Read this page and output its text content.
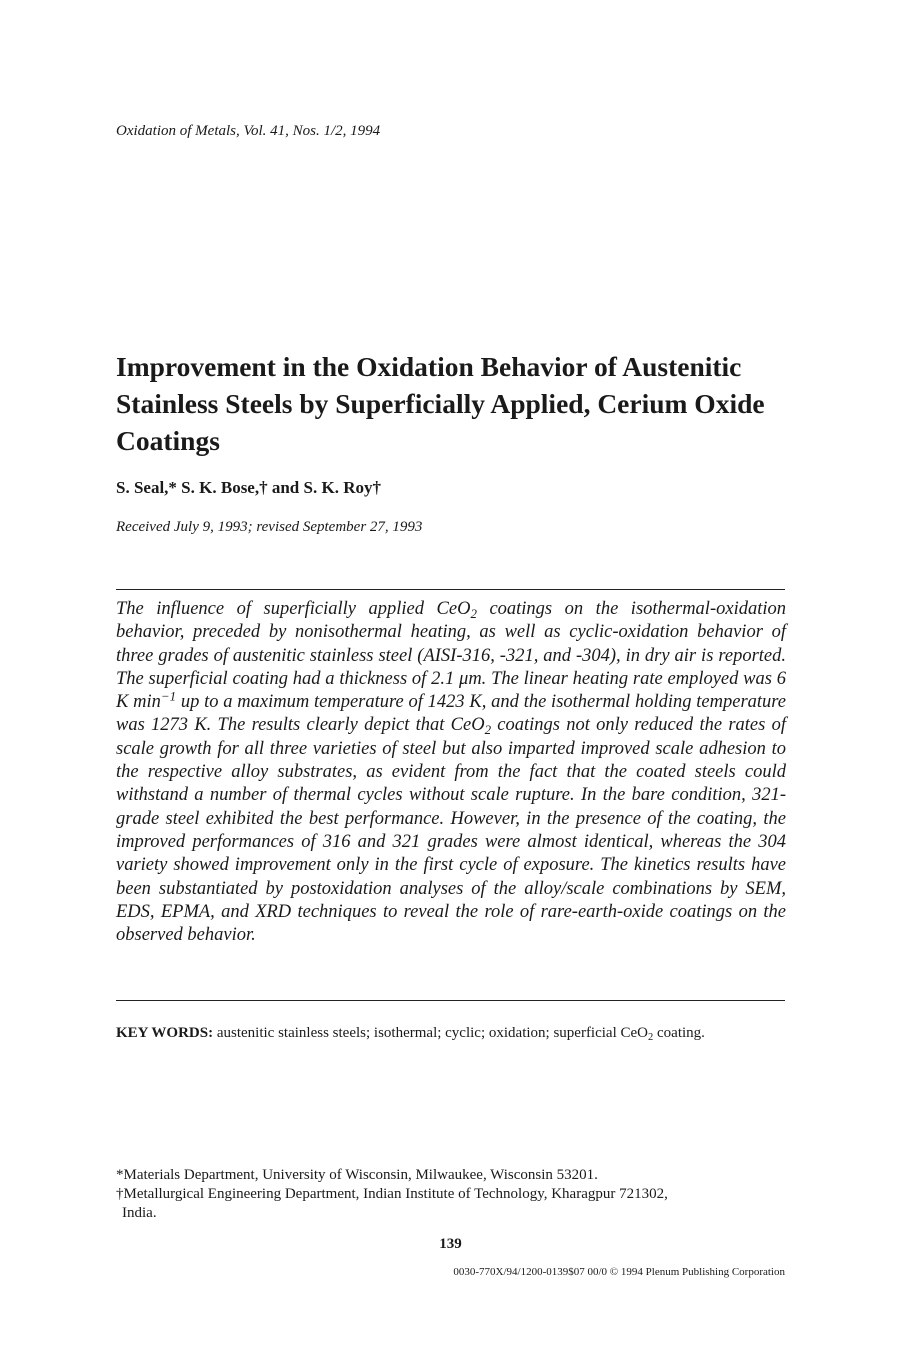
Oxidation of Metals, Vol. 41, Nos. 1/2, 1994
Improvement in the Oxidation Behavior of Austenitic Stainless Steels by Superficially Applied, Cerium Oxide Coatings
S. Seal,* S. K. Bose,† and S. K. Roy†
Received July 9, 1993; revised September 27, 1993

The influence of superficially applied CeO$_2$ coatings on the isothermal-oxidation behavior, preceded by nonisothermal heating, as well as cyclic-oxidation behavior of three grades of austenitic stainless steel (AISI-316, -321, and -304), in dry air is reported. The superficial coating had a thickness of 2.1 μm. The linear heating rate employed was 6 K $\min^{-1}$ up to a maximum temperature of 1423 K, and the isothermal holding temperature was 1273 K. The results clearly depict that CeO$_2$ coatings not only reduced the rates of scale growth for all three varieties of steel but also imparted improved scale adhesion to the respective alloy substrates, as evident from the fact that the coated steels could withstand a number of thermal cycles without scale rupture. In the bare condition, 321-grade steel exhibited the best performance. However, in the presence of the coating, the improved performances of 316 and 321 grades were almost identical, whereas the 304 variety showed improvement only in the first cycle of exposure. The kinetics results have been substantiated by postoxidation analyses of the alloy/scale combinations by SEM, EDS, EPMA, and XRD techniques to reveal the role of rare-earth-oxide coatings on the observed behavior.

KEY WORDS: austenitic stainless steels; isothermal; cyclic; oxidation; superficial CeO$_2$ coating.

*Materials Department, University of Wisconsin, Milwaukee, Wisconsin 53201.

†Metallurgical Engineering Department, Indian Institute of Technology, Kharagpur 721302,

India.

139
0030-770X/94/1200-0139$07 00/0 © 1994 Plenum Publishing Corporation
